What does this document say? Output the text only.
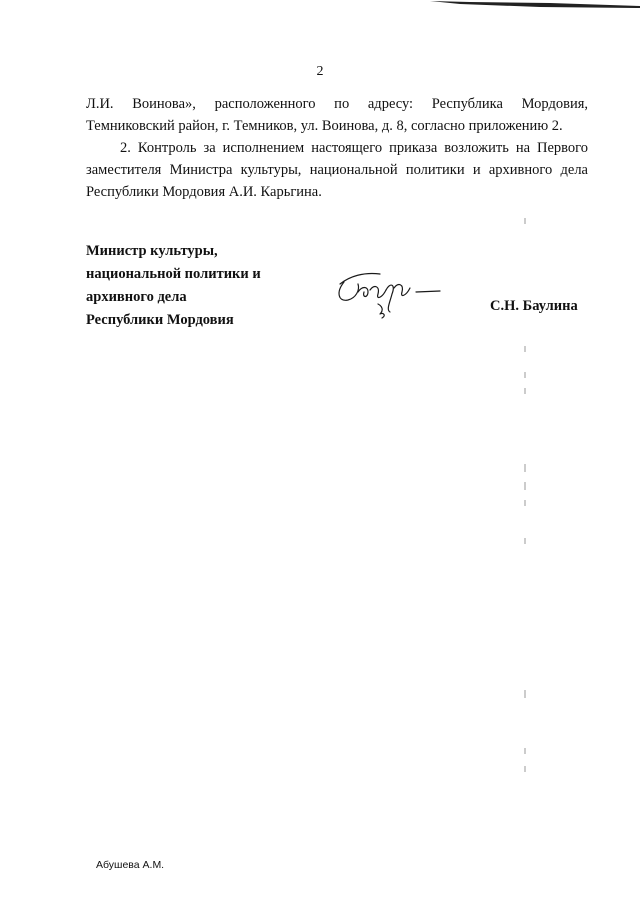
2

Л.И. Воинова», расположенного по адресу: Республика Мордовия, Темниковский район, г. Темников, ул. Воинова, д. 8, согласно приложению 2.

2. Контроль за исполнением настоящего приказа возложить на Первого заместителя Министра культуры, национальной политики и архивного дела Республики Мордовия А.И. Карьгина.

Министр культуры,
национальной политики и
архивного дела
Республики Мордовия
С.Н. Баулина
Абушева А.М.
